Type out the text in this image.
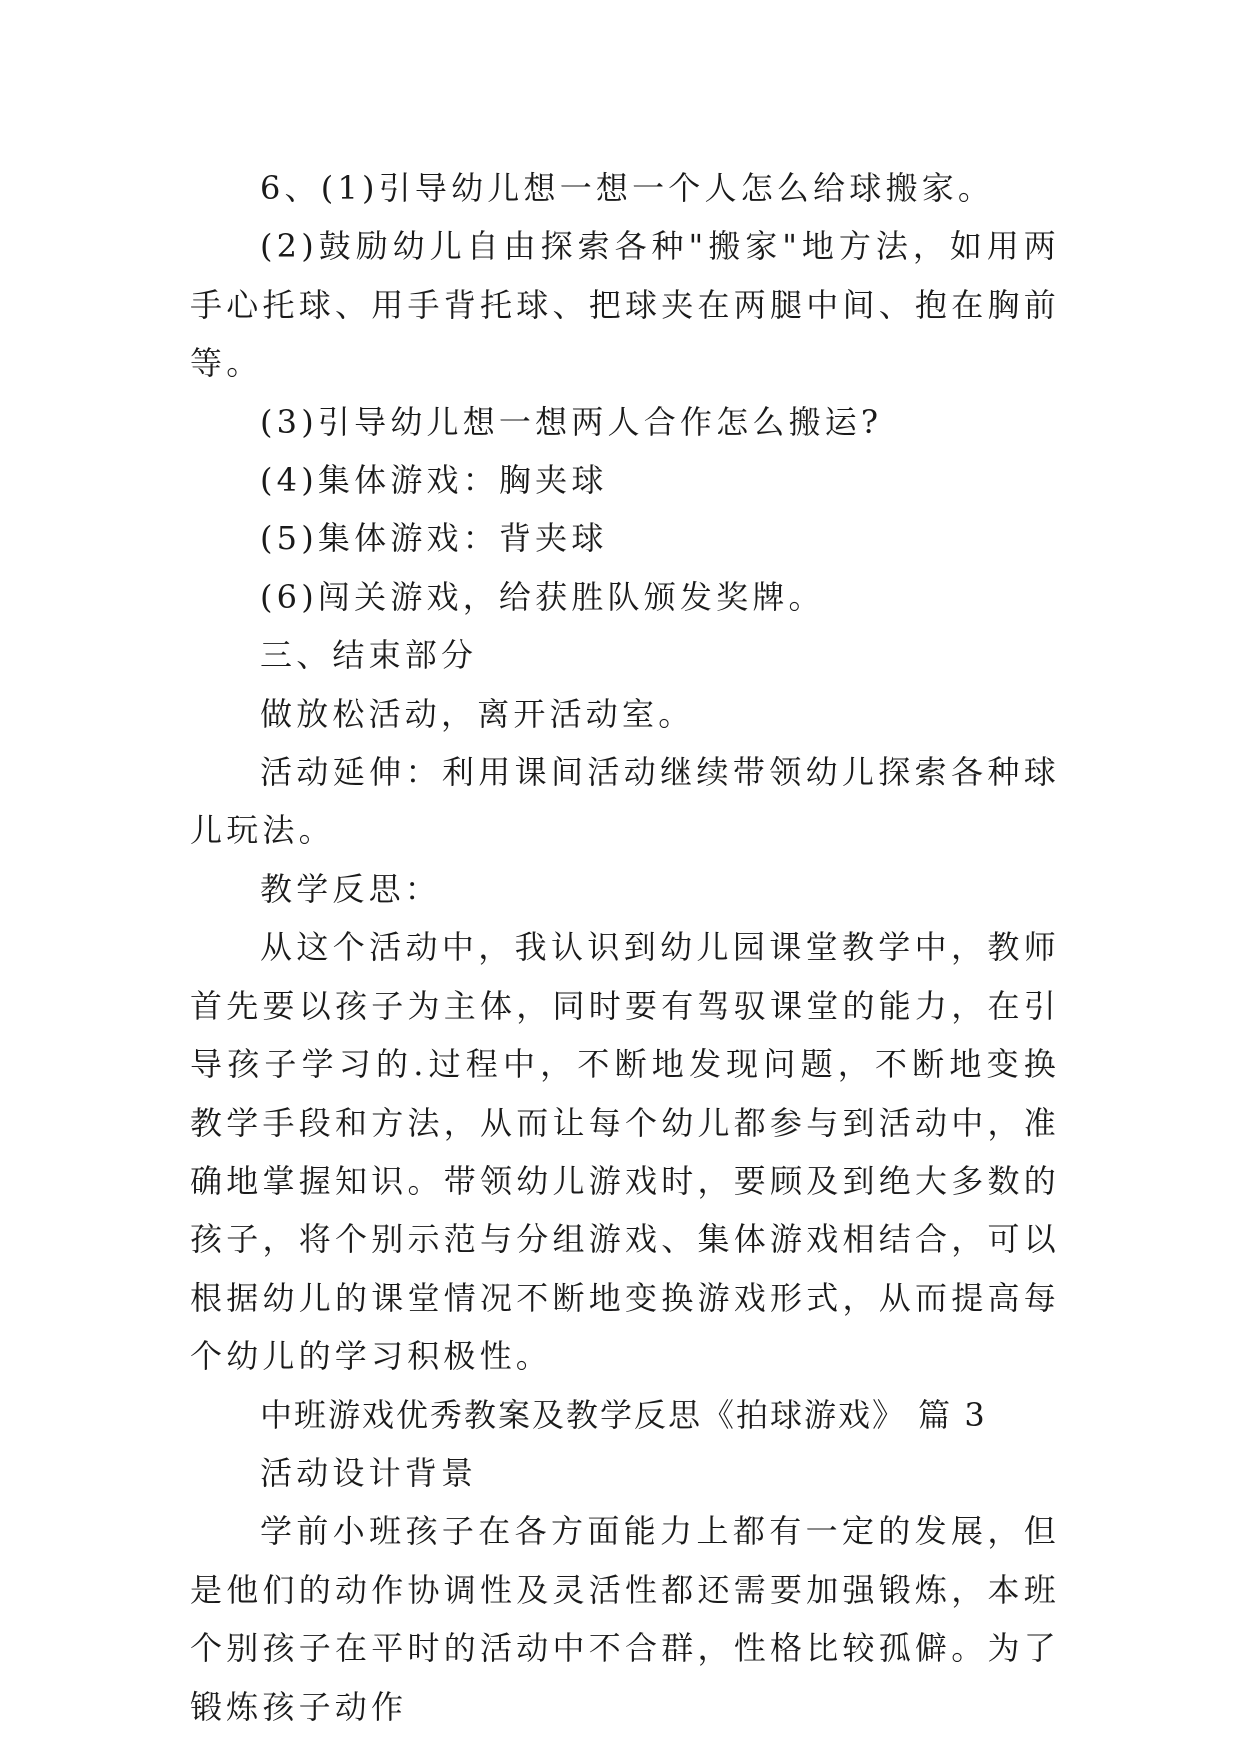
6、(1)引导幼儿想一想一个人怎么给球搬家。

(2)鼓励幼儿自由探索各种"搬家"地方法，如用两手心托球、用手背托球、把球夹在两腿中间、抱在胸前等。

(3)引导幼儿想一想两人合作怎么搬运?

(4)集体游戏：胸夹球

(5)集体游戏：背夹球

(6)闯关游戏，给获胜队颁发奖牌。

三、结束部分

做放松活动，离开活动室。

活动延伸：利用课间活动继续带领幼儿探索各种球儿玩法。

教学反思：

从这个活动中，我认识到幼儿园课堂教学中，教师首先要以孩子为主体，同时要有驾驭课堂的能力，在引导孩子学习的.过程中，不断地发现问题，不断地变换教学手段和方法，从而让每个幼儿都参与到活动中，准确地掌握知识。带领幼儿游戏时，要顾及到绝大多数的孩子，将个别示范与分组游戏、集体游戏相结合，可以根据幼儿的课堂情况不断地变换游戏形式，从而提高每个幼儿的学习积极性。

中班游戏优秀教案及教学反思《拍球游戏》 篇 3

活动设计背景

学前小班孩子在各方面能力上都有一定的发展，但是他们的动作协调性及灵活性都还需要加强锻炼，本班个别孩子在平时的活动中不合群，性格比较孤僻。为了锻炼孩子动作
